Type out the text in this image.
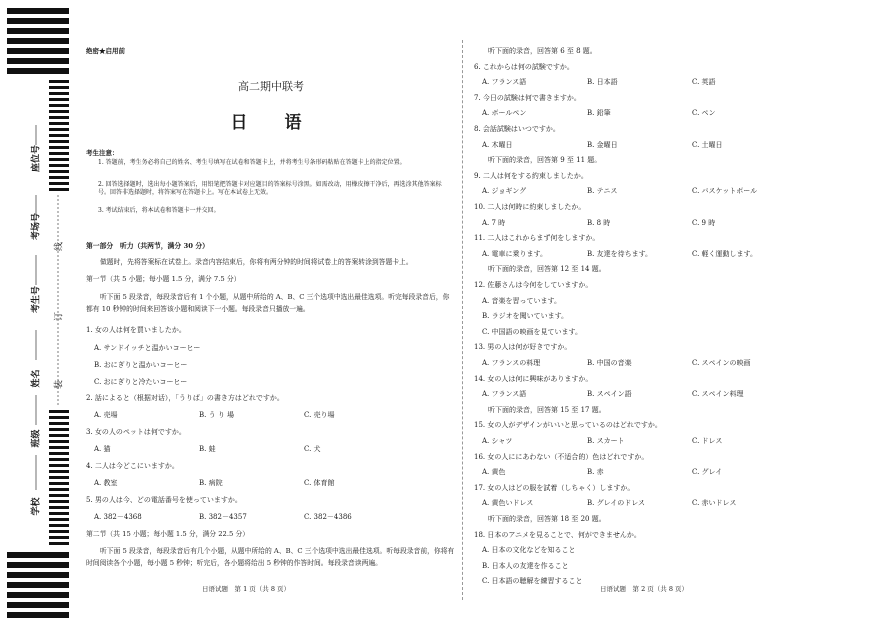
学校
班级
姓名
考生号
考场号
座位号
线
订
装
绝密★启用前
高二期中联考
日　语
考生注意：
1. 答题前，考生务必将自己的姓名、考生号填写在试卷和答题卡上，并将考生号条形码粘贴在答题卡上的指定位置。
2. 回答选择题时，选出每小题答案后，用铅笔把答题卡对应题目的答案标号涂黑。如需改动，用橡皮擦干净后，再选涂其他答案标号。回答非选择题时，将答案写在答题卡上。写在本试卷上无效。
3. 考试结束后，将本试卷和答题卡一并交回。
第一部分　听力（共两节，满分 30 分）
做题时，先将答案标在试卷上。录音内容结束后，你将有两分钟的时间将试卷上的答案转涂到答题卡上。
第一节（共 5 小题；每小题 1.5 分，满分 7.5 分）
听下面 5 段录音，每段录音后有 1 个小题，从题中所给的 A、B、C 三个选项中选出最佳选项。听完每段录音后，你都有 10 秒钟的时间来回答该小题和阅读下一小题。每段录音只播放一遍。
1. 女の人は何を買いましたか。
A. サンドイッチと温かいコーヒー
B. おにぎりと温かいコーヒー
C. おにぎりと冷たいコーヒー
2. 話によると（根据对话），「うりば」の書き方はどれですか。
A. 売場	B. う り 場	C. 売り場
3. 女の人のペットは何ですか。
A. 猫	B. 蛙	C. 犬
4. 二人は今どこにいますか。
A. 教室	B. 病院	C. 体育館
5. 男の人は今、どの電話番号を使っていますか。
A. 382－4368	B. 382－4357	C. 382－4386
第二节（共 15 小题；每小题 1.5 分，满分 22.5 分）
听下面 5 段录音，每段录音后有几个小题，从题中所给的 A、B、C 三个选项中选出最佳选项。听每段录音前，你将有时间阅读各个小题，每小题 5 秒钟；听完后，各小题将给出 5 秒钟的作答时间。每段录音读两遍。
日语试题　第 1 页（共 8 页）
听下面的录音，回答第 6 至 8 题。
6. これからは何の試験ですか。
A. フランス語	B. 日本語	C. 英語
7. 今日の試験は何で書きますか。
A. ボールペン	B. 鉛筆	C. ペン
8. 会話試験はいつですか。
A. 木曜日	B. 金曜日	C. 土曜日
听下面的录音，回答第 9 至 11 题。
9. 二人は何をする約束しましたか。
A. ジョギング	B. テニス	C. バスケットボール
10. 二人は何時に約束しましたか。
A. 7 時	B. 8 時	C. 9 時
11. 二人はこれからまず何をしますか。
A. 電車に乗ります。	B. 友達を待ちます。	C. 軽く運動します。
听下面的录音，回答第 12 至 14 题。
12. 佐藤さんは今何をしていますか。
A. 音楽を習っています。
B. ラジオを聞いています。
C. 中国語の映画を見ています。
13. 男の人は何が好きですか。
A. フランスの料理	B. 中国の音楽	C. スペインの映画
14. 女の人は何に興味がありますか。
A. フランス語	B. スペイン語	C. スペイン料理
听下面的录音，回答第 15 至 17 题。
15. 女の人がデザインがいいと思っているのはどれですか。
A. シャツ	B. スカート	C. ドレス
16. 女の人ににあわない（不适合的）色はどれですか。
A. 黄色	B. 赤	C. グレイ
17. 女の人はどの服を試着（しちゃく）しますか。
A. 黄色いドレス	B. グレイのドレス	C. 赤いドレス
听下面的录音，回答第 18 至 20 题。
18. 日本のアニメを見ることで、何ができませんか。
A. 日本の文化などを知ること
B. 日本人の友達を作ること
C. 日本語の聴解を練習すること
日语试题　第 2 页（共 8 页）
